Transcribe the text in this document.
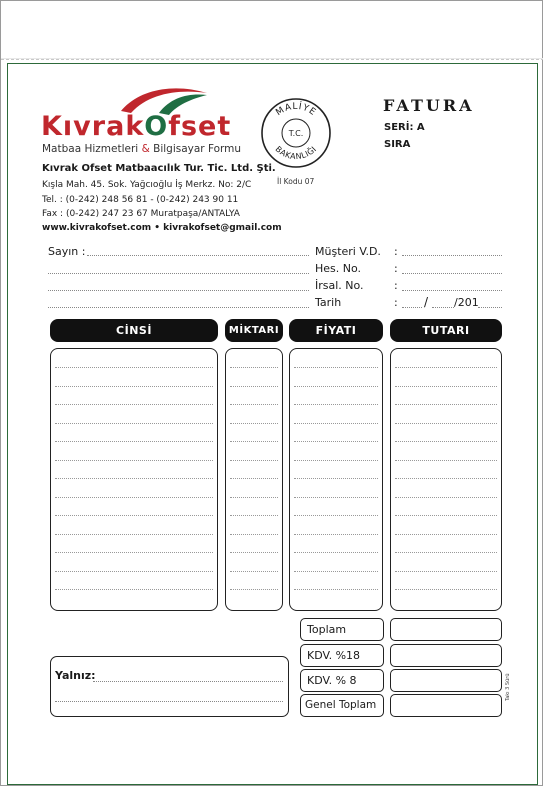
KıvrakOfset
Matbaa Hizmetleri & Bilgisayar Formu
Kıvrak Ofset Matbaacılık Tur. Tic. Ltd. Şti.
Kışla Mah. 45. Sok. Yağcıoğlu İş Merkz. No: 2/C
Tel. : (0-242) 248 56 81 - (0-242) 243 90 11
Fax : (0-242) 247 23 67 Muratpaşa/ANTALYA
www.kivrakofset.com • kivrakofset@gmail.com
MALİYE
BAKANLIĞI
T.C.
İl Kodu 07
FATURA
SERİ: A
SIRA
Sayın :	Müşteri V.D. :
Hes. No.	:
İrsal. No.	:
Tarih	: / /201
CİNSİ	MİKTARI	FİYATI	TUTARI
Toplam
KDV. %18
KDV. % 8
Genel Toplam
Yalnız:	Takı 3 Sürü
